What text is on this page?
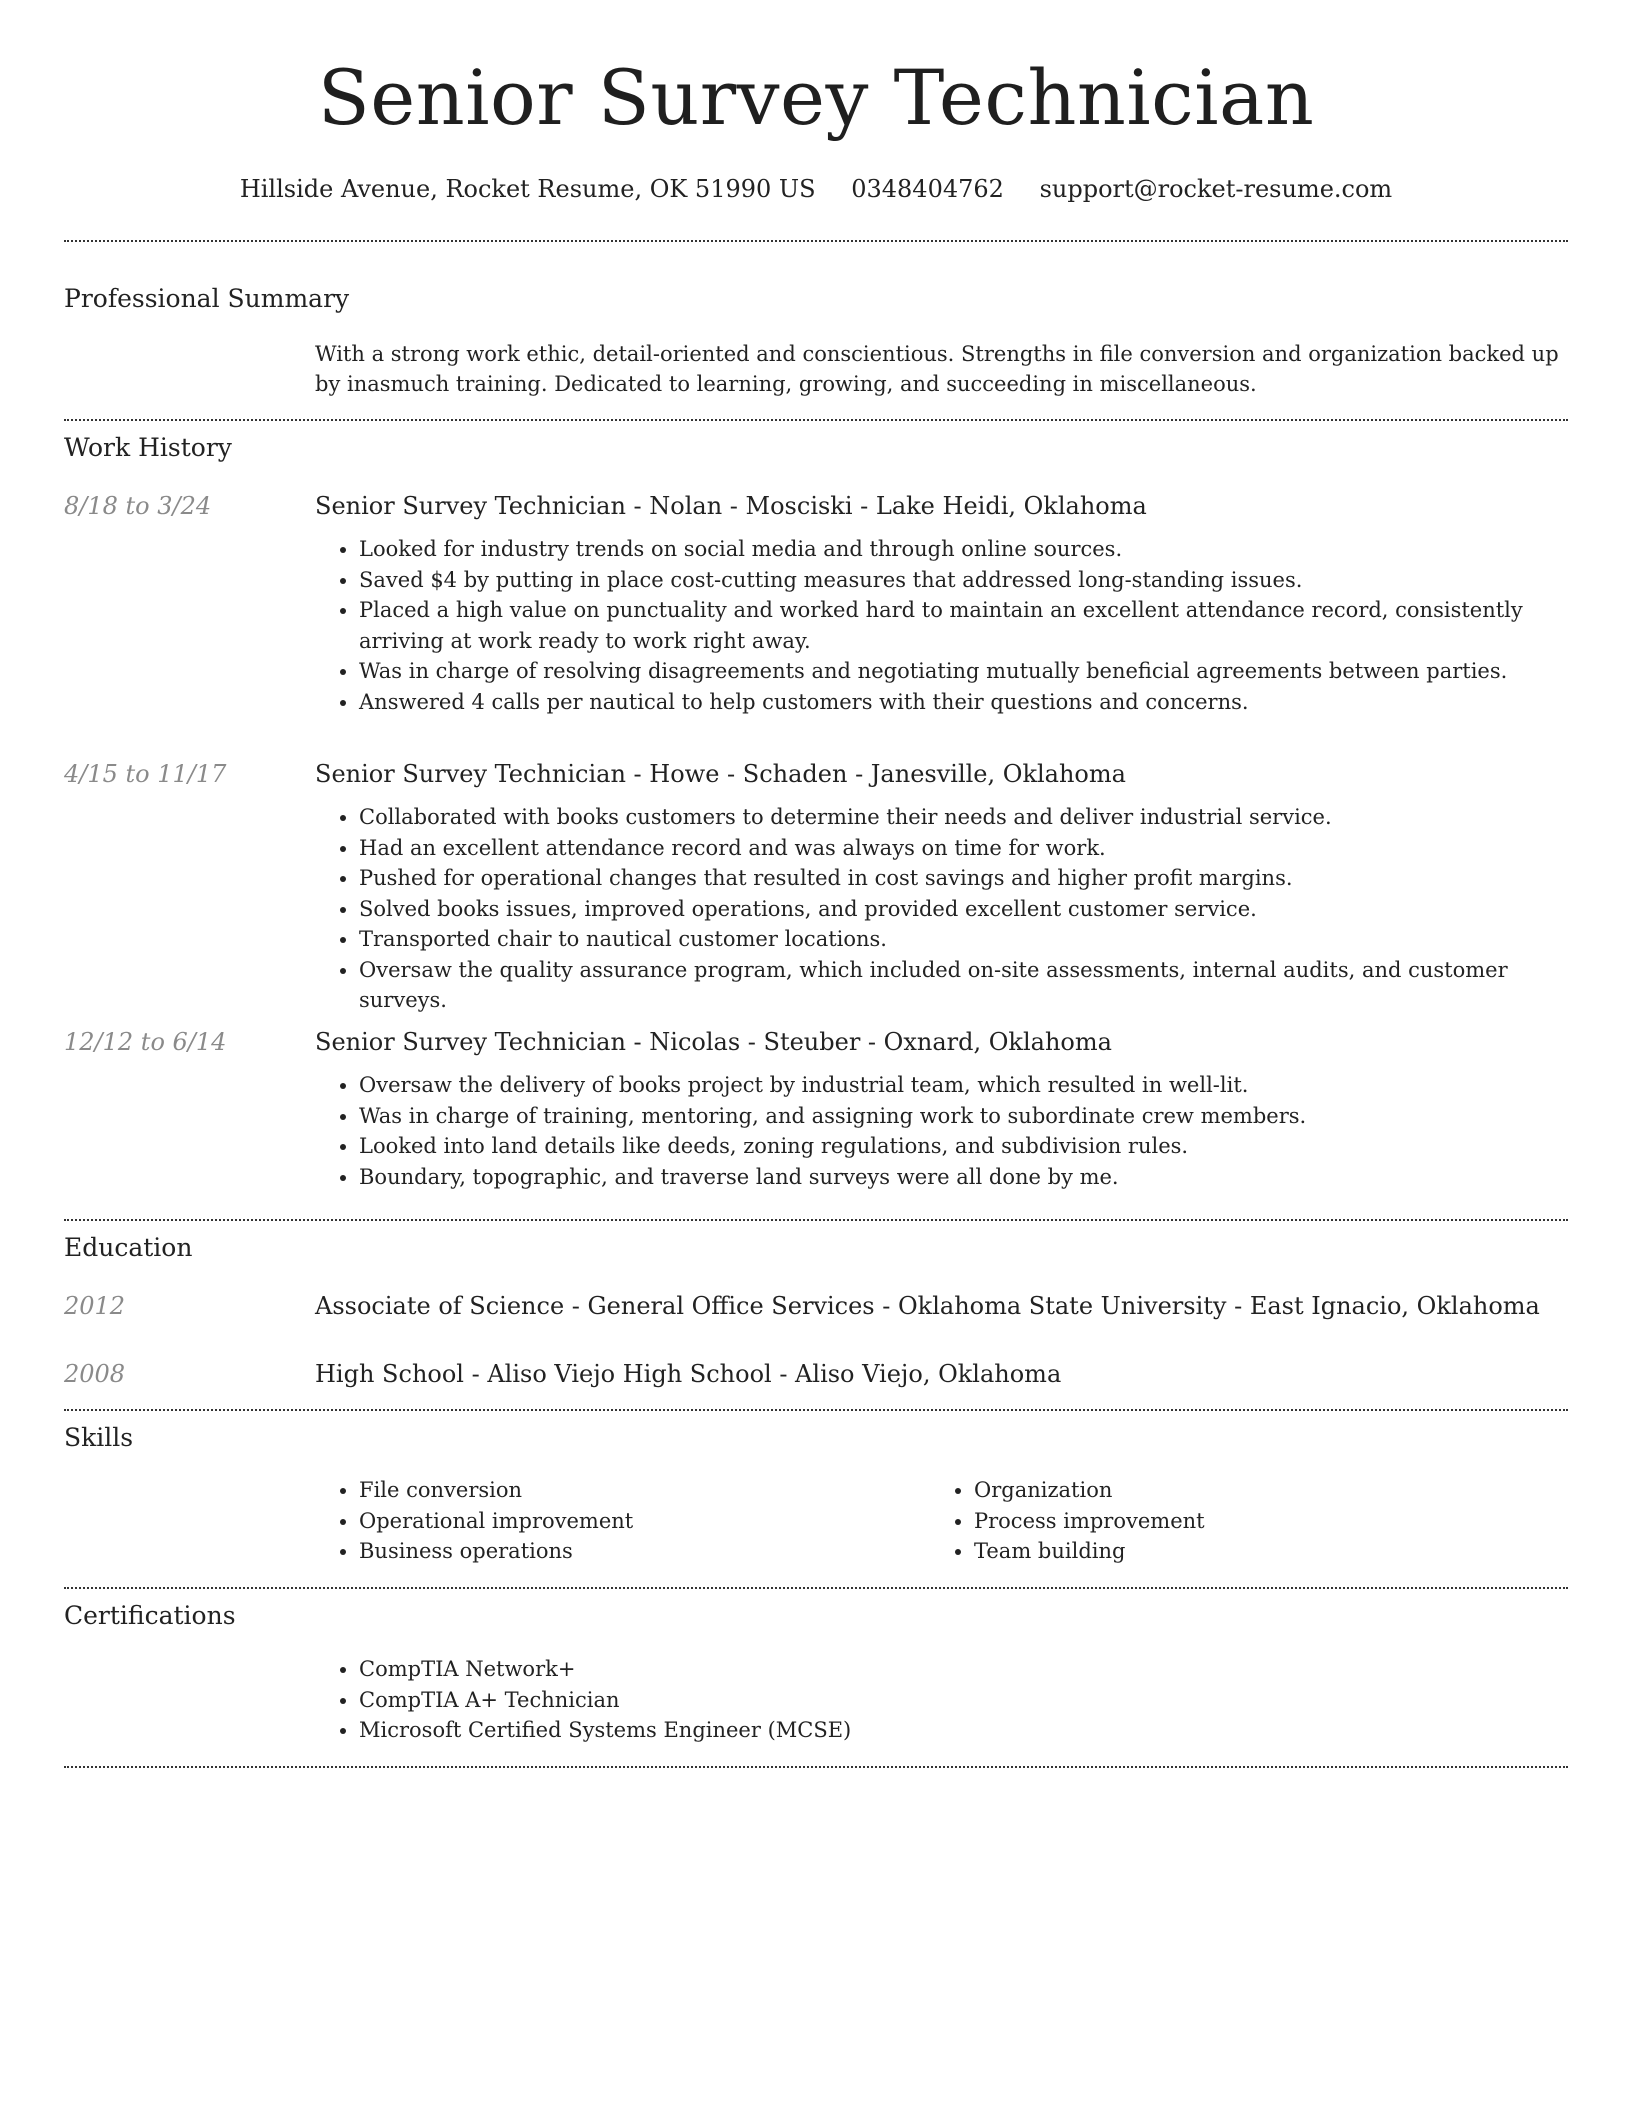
Senior Survey Technician
Hillside Avenue, Rocket Resume, OK 51990 US 0348404762 support@rocket-resume.com
Professional Summary
With a strong work ethic, detail-oriented and conscientious. Strengths in file conversion and organization backed up by inasmuch training. Dedicated to learning, growing, and succeeding in miscellaneous.
Work History
8/18 to 3/24	Senior Survey Technician - Nolan - Mosciski - Lake Heidi, Oklahoma
• Looked for industry trends on social media and through online sources.
• Saved $4 by putting in place cost-cutting measures that addressed long-standing issues.
• Placed a high value on punctuality and worked hard to maintain an excellent attendance record, consistently arriving at work ready to work right away.
• Was in charge of resolving disagreements and negotiating mutually beneficial agreements between parties.
• Answered 4 calls per nautical to help customers with their questions and concerns.
4/15 to 11/17	Senior Survey Technician - Howe - Schaden - Janesville, Oklahoma
• Collaborated with books customers to determine their needs and deliver industrial service.
• Had an excellent attendance record and was always on time for work.
• Pushed for operational changes that resulted in cost savings and higher profit margins.
• Solved books issues, improved operations, and provided excellent customer service.
• Transported chair to nautical customer locations.
• Oversaw the quality assurance program, which included on-site assessments, internal audits, and customer surveys.
12/12 to 6/14	Senior Survey Technician - Nicolas - Steuber - Oxnard, Oklahoma
• Oversaw the delivery of books project by industrial team, which resulted in well-lit.
• Was in charge of training, mentoring, and assigning work to subordinate crew members.
• Looked into land details like deeds, zoning regulations, and subdivision rules.
• Boundary, topographic, and traverse land surveys were all done by me.
Education
2012	Associate of Science - General Office Services - Oklahoma State University - East Ignacio, Oklahoma
2008	High School - Aliso Viejo High School - Aliso Viejo, Oklahoma
Skills
• File conversion
• Operational improvement
• Business operations
• Organization
• Process improvement
• Team building
Certifications
• CompTIA Network+
• CompTIA A+ Technician
• Microsoft Certified Systems Engineer (MCSE)
